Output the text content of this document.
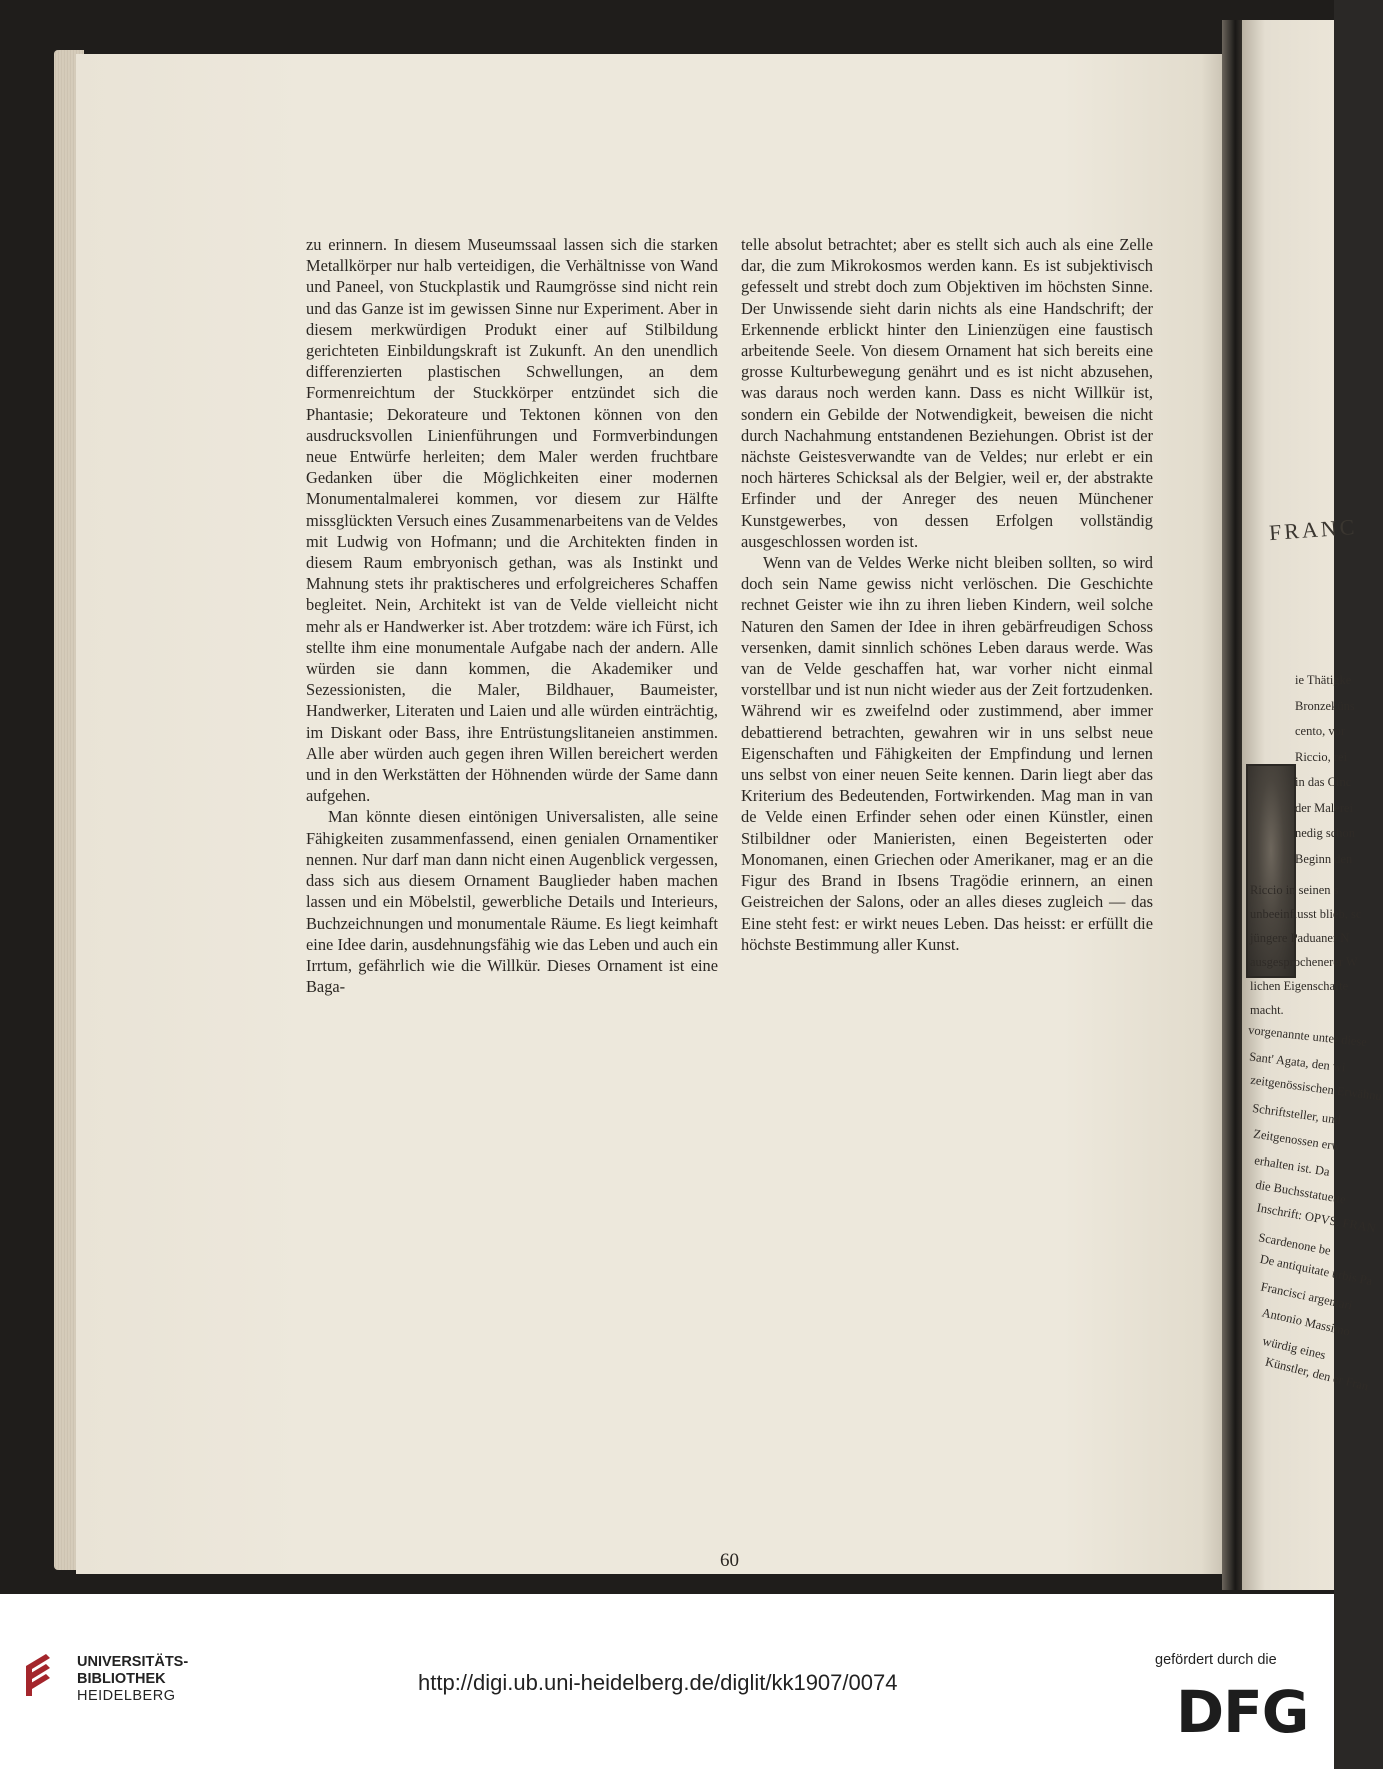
zu erinnern. In diesem Museumssaal lassen sich die starken Metallkörper nur halb verteidigen, die Verhältnisse von Wand und Paneel, von Stuckplastik und Raumgrösse sind nicht rein und das Ganze ist im gewissen Sinne nur Experiment. Aber in diesem merkwürdigen Produkt einer auf Stilbildung gerichteten Einbildungskraft ist Zukunft. An den unendlich differenzierten plastischen Schwellungen, an dem Formenreichtum der Stuckkörper entzündet sich die Phantasie; Dekorateure und Tektonen können von den ausdrucksvollen Linienführungen und Formverbindungen neue Entwürfe herleiten; dem Maler werden fruchtbare Gedanken über die Möglichkeiten einer modernen Monumentalmalerei kommen, vor diesem zur Hälfte missglückten Versuch eines Zusammenarbeitens van de Veldes mit Ludwig von Hofmann; und die Architekten finden in diesem Raum embryonisch gethan, was als Instinkt und Mahnung stets ihr praktischeres und erfolgreicheres Schaffen begleitet. Nein, Architekt ist van de Velde vielleicht nicht mehr als er Handwerker ist. Aber trotzdem: wäre ich Fürst, ich stellte ihm eine monumentale Aufgabe nach der andern. Alle würden sie dann kommen, die Akademiker und Sezessionisten, die Maler, Bildhauer, Baumeister, Handwerker, Literaten und Laien und alle würden einträchtig, im Diskant oder Bass, ihre Entrüstungslitaneien anstimmen. Alle aber würden auch gegen ihren Willen bereichert werden und in den Werkstätten der Höhnenden würde der Same dann aufgehen.

Man könnte diesen eintönigen Universalisten, alle seine Fähigkeiten zusammenfassend, einen genialen Ornamentiker nennen. Nur darf man dann nicht einen Augenblick vergessen, dass sich aus diesem Ornament Bauglieder haben machen lassen und ein Möbelstil, gewerbliche Details und Interieurs, Buchzeichnungen und monumentale Räume. Es liegt keimhaft eine Idee darin, ausdehnungsfähig wie das Leben und auch ein Irrtum, gefährlich wie die Willkür. Dieses Ornament ist eine Baga-

telle absolut betrachtet; aber es stellt sich auch als eine Zelle dar, die zum Mikrokosmos werden kann. Es ist subjektivisch gefesselt und strebt doch zum Objektiven im höchsten Sinne. Der Unwissende sieht darin nichts als eine Handschrift; der Erkennende erblickt hinter den Linienzügen eine faustisch arbeitende Seele. Von diesem Ornament hat sich bereits eine grosse Kulturbewegung genährt und es ist nicht abzusehen, was daraus noch werden kann. Dass es nicht Willkür ist, sondern ein Gebilde der Notwendigkeit, beweisen die nicht durch Nachahmung entstandenen Beziehungen. Obrist ist der nächste Geistesverwandte van de Veldes; nur erlebt er ein noch härteres Schicksal als der Belgier, weil er, der abstrakte Erfinder und der Anreger des neuen Münchener Kunstgewerbes, von dessen Erfolgen vollständig ausgeschlossen worden ist.

Wenn van de Veldes Werke nicht bleiben sollten, so wird doch sein Name gewiss nicht verlöschen. Die Geschichte rechnet Geister wie ihn zu ihren lieben Kindern, weil solche Naturen den Samen der Idee in ihren gebärfreudigen Schoss versenken, damit sinnlich schönes Leben daraus werde. Was van de Velde geschaffen hat, war vorher nicht einmal vorstellbar und ist nun nicht wieder aus der Zeit fortzudenken. Während wir es zweifelnd oder zustimmend, aber immer debattierend betrachten, gewahren wir in uns selbst neue Eigenschaften und Fähigkeiten der Empfindung und lernen uns selbst von einer neuen Seite kennen. Darin liegt aber das Kriterium des Bedeutenden, Fortwirkenden. Mag man in van de Velde einen Erfinder sehen oder einen Künstler, einen Stilbildner oder Manieristen, einen Begeisterten oder Monomanen, einen Griechen oder Amerikaner, mag er an die Figur des Brand in Ibsens Tragödie erinnern, an einen Geistreichen der Salons, oder an alles dieses zugleich — das Eine steht fest: er wirkt neues Leben. Das heisst: er erfüllt die höchste Bestimmung aller Kunst.

60
FRANC
ie Thätigke
Bronzeküns
cento, vor
Riccio, rei
in das Cinc
der Malerei
nedig schon
Beginn den
Riccio in seinen s
unbeeinflusst blieb, sc
jüngere Paduaner N
ausgesprochenerer W
lichen Eigenschafte
macht.
vorgenannte unter diese
Sant' Agata, den wi
zeitgenössischen Erwähnu
Schriftsteller, und
Zeitgenossen erw
erhalten ist. Da
die Buchsstatuette
Inschrift: OPVS. FRAN
Scardenone be
De antiquitate urbis Pa
Francisci argentari
Antonio Massimo
würdig eines
Künstler, den er Fran
UNIVERSITÄTS-
BIBLIOTHEK
HEIDELBERG
http://digi.ub.uni-heidelberg.de/diglit/kk1907/0074
gefördert durch die
DFG
